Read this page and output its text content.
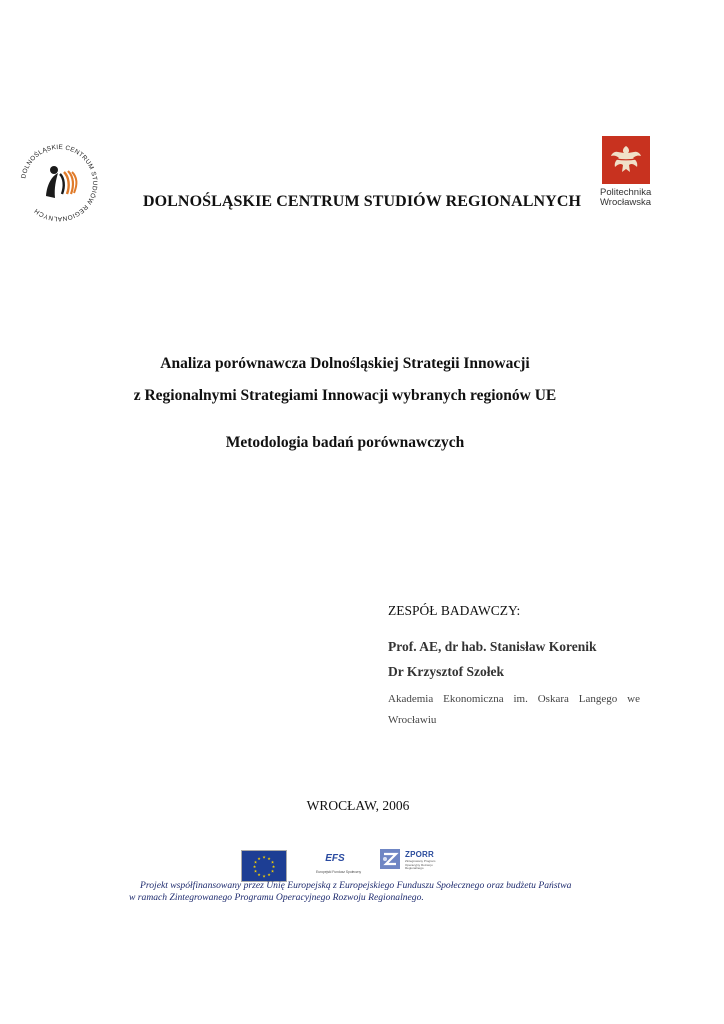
DOLNOŚLĄSKIE CENTRUM STUDIÓW REGIONALNYCH
Politechnika
Wrocławska
DOLNOŚLĄSKIE CENTRUM STUDIÓW REGIONALNYCH
Analiza porównawcza Dolnośląskiej Strategii Innowacji
z Regionalnymi Strategiami Innowacji wybranych regionów UE
Metodologia badań porównawczych
ZESPÓŁ BADAWCZY:
Prof. AE, dr hab. Stanisław Korenik
Dr Krzysztof Szołek
Akademia Ekonomiczna im. Oskara Langego we Wrocławiu
WROCŁAW, 2006
★ ★
★
★
★
★
★
★
★
★
★
★	EFS
Europejski Fundusz Społeczny
ZPORR
Zintegrowany Program Operacyjny Rozwoju Regionalnego
Projekt współfinansowany przez Unię Europejską z Europejskiego Funduszu Społecznego oraz budżetu Państwa
w ramach Zintegrowanego Programu Operacyjnego Rozwoju Regionalnego.
